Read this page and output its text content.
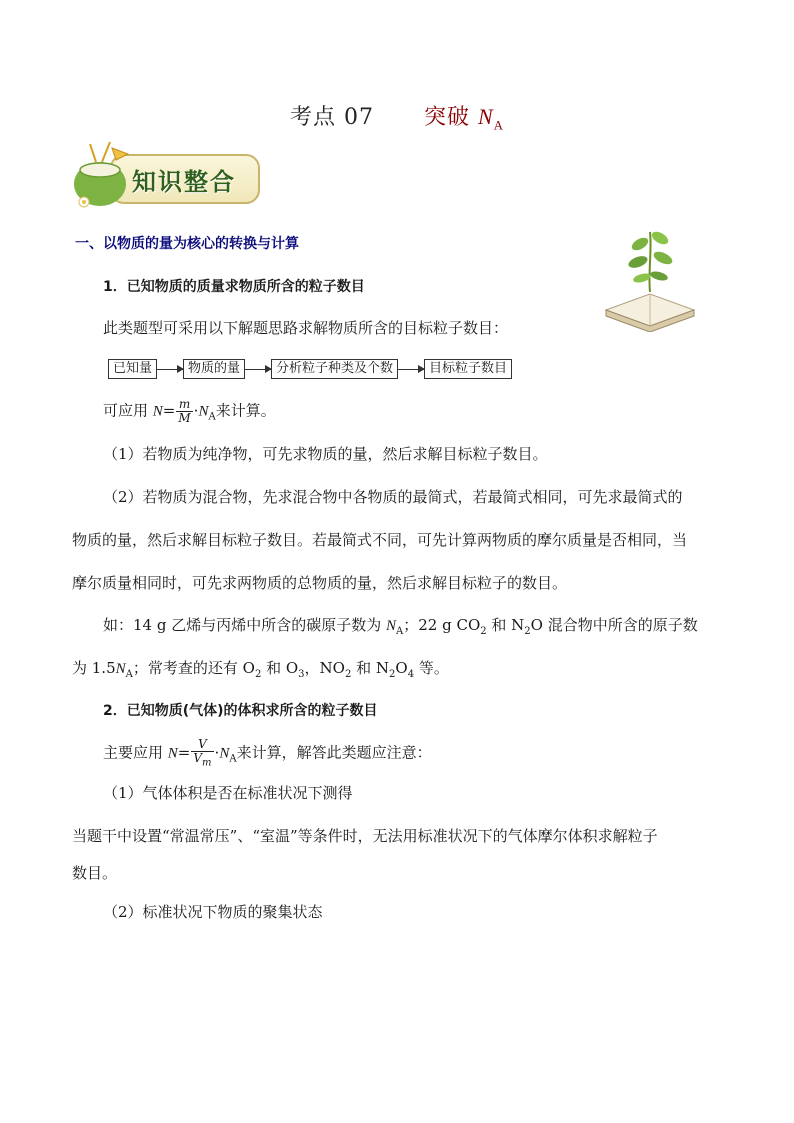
考点 07 突破 $N_A$
知识整合
一、以物质的量为核心的转换与计算
1．已知物质的质量求物质所含的粒子数目
此类题型可采用以下解题思路求解物质所含的目标粒子数目：
已知量	物质的量	分析粒子种类及个数	目标粒子数目
可应用 $N= \frac{m}{M} \cdot N_A$来计算。
（1）若物质为纯净物，可先求物质的量，然后求解目标粒子数目。
（2）若物质为混合物，先求混合物中各物质的最简式，若最简式相同，可先求最简式的
物质的量，然后求解目标粒子数目。若最简式不同，可先计算两物质的摩尔质量是否相同，当
摩尔质量相同时，可先求两物质的总物质的量，然后求解目标粒子的数目。
如：14 g 乙烯与丙烯中所含的碳原子数为 $N_A$；22 g $CO_2$ 和 $N_2O$ 混合物中所含的原子数
为 $1.5N_A$；常考查的还有 $O_2$ 和 $O_3$，$NO_2$ 和 $N_2O_4$ 等。
2．已知物质(气体)的体积求所含的粒子数目
主要应用 $N= \frac{V}{V_m} \cdot N_A$来计算，解答此类题应注意：
（1）气体体积是否在标准状况下测得
当题干中设置“常温常压”、“室温”等条件时，无法用标准状况下的气体摩尔体积求解粒子
数目。
（2）标准状况下物质的聚集状态
